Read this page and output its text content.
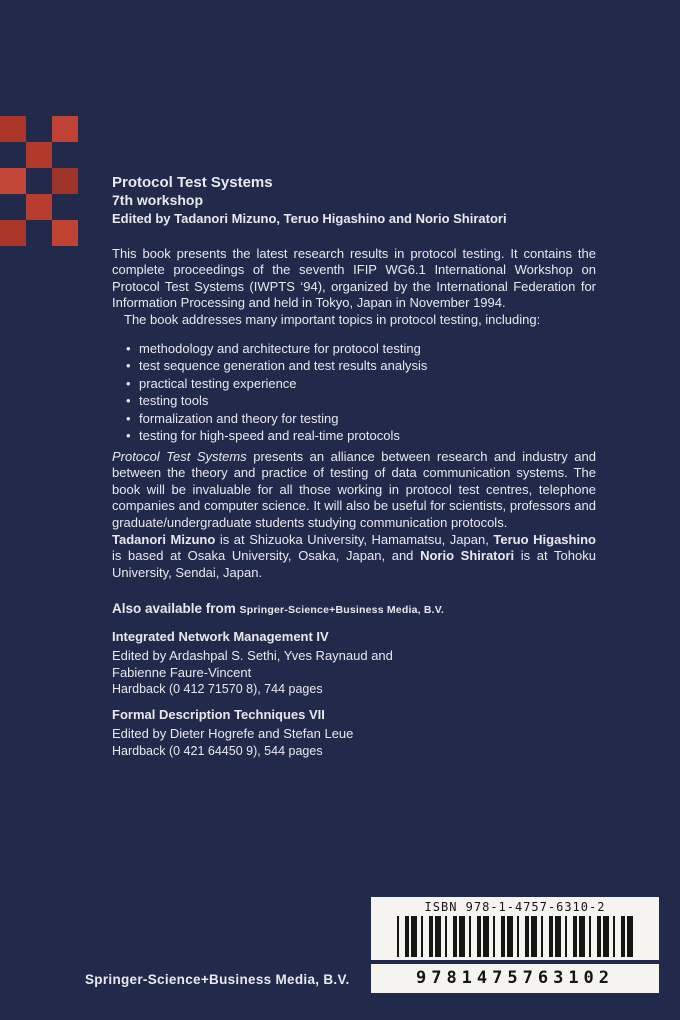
Protocol Test Systems
7th workshop
Edited by Tadanori Mizuno, Teruo Higashino and Norio Shiratori

This book presents the latest research results in protocol testing. It contains the complete proceedings of the seventh IFIP WG6.1 International Workshop on Protocol Test Systems (IWPTS ‘94), organized by the International Federation for Information Processing and held in Tokyo, Japan in November 1994.

The book addresses many important topics in protocol testing, including:

• methodology and architecture for protocol testing
• test sequence generation and test results analysis
• practical testing experience
• testing tools
• formalization and theory for testing
• testing for high-speed and real-time protocols
Protocol Test Systems presents an alliance between research and industry and between the theory and practice of testing of data communication systems. The book will be invaluable for all those working in protocol test centres, telephone companies and computer science. It will also be useful for scientists, professors and graduate/undergraduate students studying communication protocols.
Tadanori Mizuno is at Shizuoka University, Hamamatsu, Japan, Teruo Higashino is based at Osaka University, Osaka, Japan, and Norio Shiratori is at Tohoku University, Sendai, Japan.
Also available from Springer-Science+Business Media, B.V.

Integrated Network Management IV

Edited by Ardashpal S. Sethi, Yves Raynaud and

Fabienne Faure-Vincent

Hardback (0 412 71570 8), 744 pages

Formal Description Techniques VII

Edited by Dieter Hogrefe and Stefan Leue

Hardback (0 421 64450 9), 544 pages

Springer-Science+Business Media, B.V.
ISBN 978-1-4757-6310-2
9781475763102
